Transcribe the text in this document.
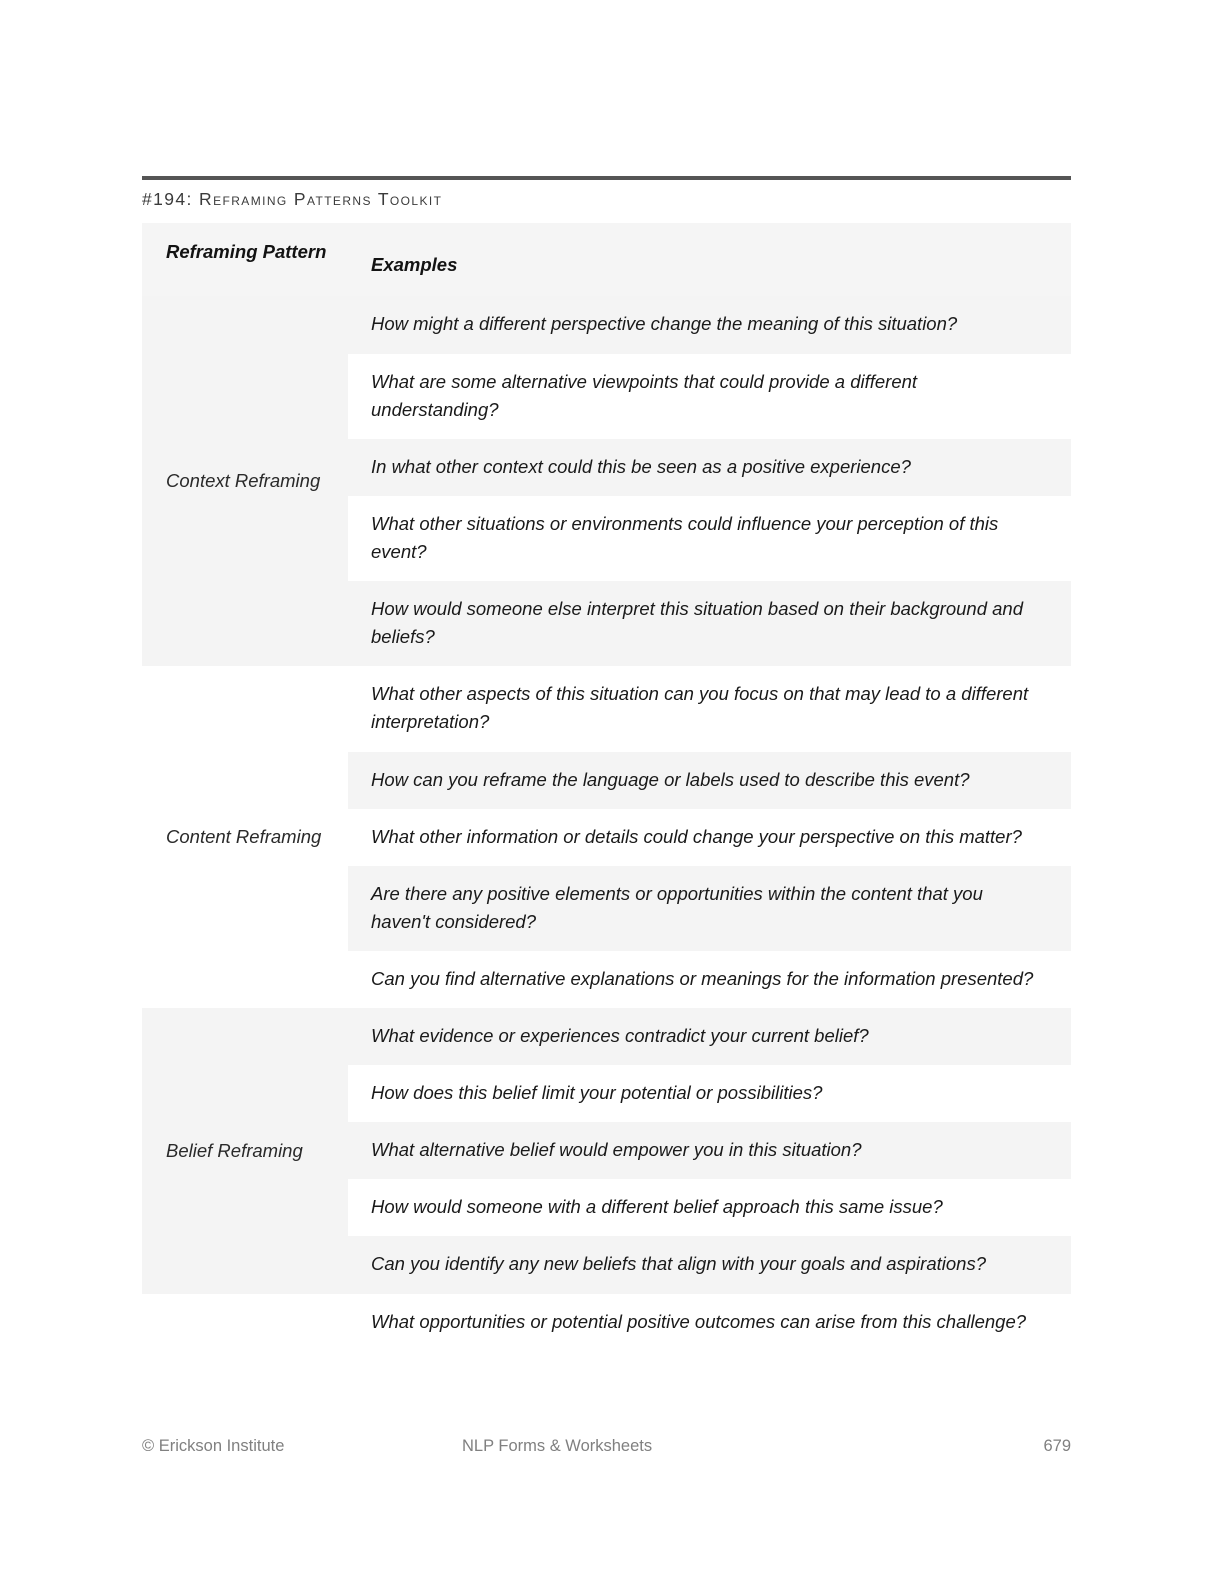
#194: Reframing Patterns Toolkit
Reframing Pattern	Examples

Context Reframing	How might a different perspective change the meaning of this situation?
	What are some alternative viewpoints that could provide a different understanding?
	In what other context could this be seen as a positive experience?
	What other situations or environments could influence your perception of this event?
	How would someone else interpret this situation based on their background and beliefs?

Content Reframing	What other aspects of this situation can you focus on that may lead to a different interpretation?
	How can you reframe the language or labels used to describe this event?
	What other information or details could change your perspective on this matter?
	Are there any positive elements or opportunities within the content that you haven't considered?
	Can you find alternative explanations or meanings for the information presented?

Belief Reframing	What evidence or experiences contradict your current belief?
	How does this belief limit your potential or possibilities?
	What alternative belief would empower you in this situation?
	How would someone with a different belief approach this same issue?
	Can you identify any new beliefs that align with your goals and aspirations?

	What opportunities or potential positive outcomes can arise from this challenge?
© Erickson Institute	NLP Forms & Worksheets	679
